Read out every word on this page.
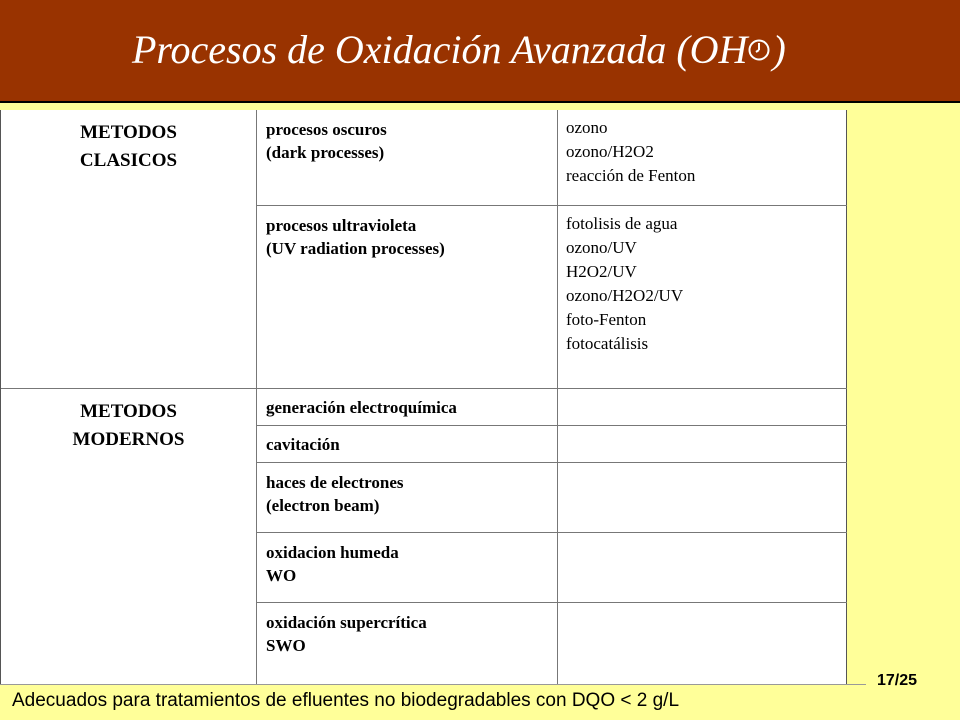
Procesos de Oxidación Avanzada (OH )
METODOS
CLASICOS
METODOS
MODERNOS
procesos oscuros
(dark processes)
ozono
ozono/H2O2
reacción de Fenton
procesos ultravioleta
(UV radiation processes)
fotolisis de agua
ozono/UV
H2O2/UV
ozono/H2O2/UV
foto-Fenton
fotocatálisis
generación electroquímica
cavitación
haces de electrones
(electron beam)
oxidacion humeda
WO
oxidación supercrítica
SWO
17/25
Adecuados para tratamientos de efluentes no biodegradables con DQO < 2 g/L
